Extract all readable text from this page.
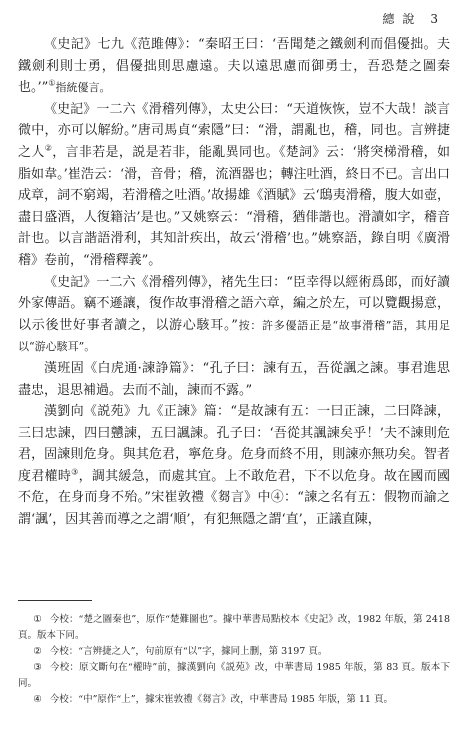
總 說 3

《史記》七九《范雎傳》：“秦昭王曰：‘吾聞楚之鐵劍利而倡優拙。夫鐵劍利則士勇，倡優拙則思慮遠。夫以遠思慮而御勇士，吾恐楚之圖秦也。’”①指統優言。

《史記》一二六《滑稽列傳》，太史公曰：“天道恢恢，豈不大哉！談言微中，亦可以解紛。”唐司馬貞“索隱”曰：“滑，謂亂也，稽，同也。言辨捷之人②，言非若是，説是若非，能亂異同也。《楚詞》云：‘將突梯滑稽，如脂如韋。’崔浩云：‘滑，音骨；稽，流酒器也；轉注吐酒，終日不已。言出口成章，詞不窮竭，若滑稽之吐酒。’故揚雄《酒賦》云‘鴟夷滑稽，腹大如壺，盡日盛酒，人復籍沽’是也。”又姚察云：“滑稽，猶俳諧也。滑讀如字，稽音計也。以言諧語滑利，其知計疾出，故云‘滑稽’也。”姚察語，錄自明《廣滑稽》卷前，“滑稽釋義”。

《史記》一二六《滑稽列傳》，褚先生曰：“臣幸得以經術爲郎，而好讀外家傳語。竊不遜讓，復作故事滑稽之語六章，編之於左，可以覽觀揚意，以示後世好事者讀之，以游心駭耳。”按：許多優語正是“故事滑稽”語，其用足以“游心駭耳”。

漢班固《白虎通·諫諍篇》：“孔子曰：諫有五，吾從諷之諫。事君進思盡忠，退思補過。去而不訕，諫而不露。”

漢劉向《説苑》九《正諫》篇：“是故諫有五：一曰正諫，二曰降諫，三曰忠諫，四曰戇諫，五曰諷諫。孔子曰：‘吾從其諷諫矣乎！’夫不諫則危君，固諫則危身。與其危君，寧危身。危身而終不用，則諫亦無功矣。智者度君權時③，調其緩急，而處其宜。上不敢危君，下不以危身。故在國而國不危，在身而身不殆。”宋崔敦禮《芻言》中④：“諫之名有五：假物而諭之謂‘諷’，因其善而導之之謂‘順’，有犯無隱之謂‘直’，正議直陳，

① 今校：“楚之圖秦也”，原作“楚難圖也”。據中華書局點校本《史記》改，1982 年版，第 2418 頁。版本下同。

② 今校：“言辨捷之人”，句前原有“以”字，據同上删，第 3197 頁。

③ 今校：原文斷句在“權時”前，據漢劉向《説苑》改，中華書局 1985 年版，第 83 頁。版本下同。

④ 今校：“中”原作“上”，據宋崔敦禮《芻言》改，中華書局 1985 年版，第 11 頁。
